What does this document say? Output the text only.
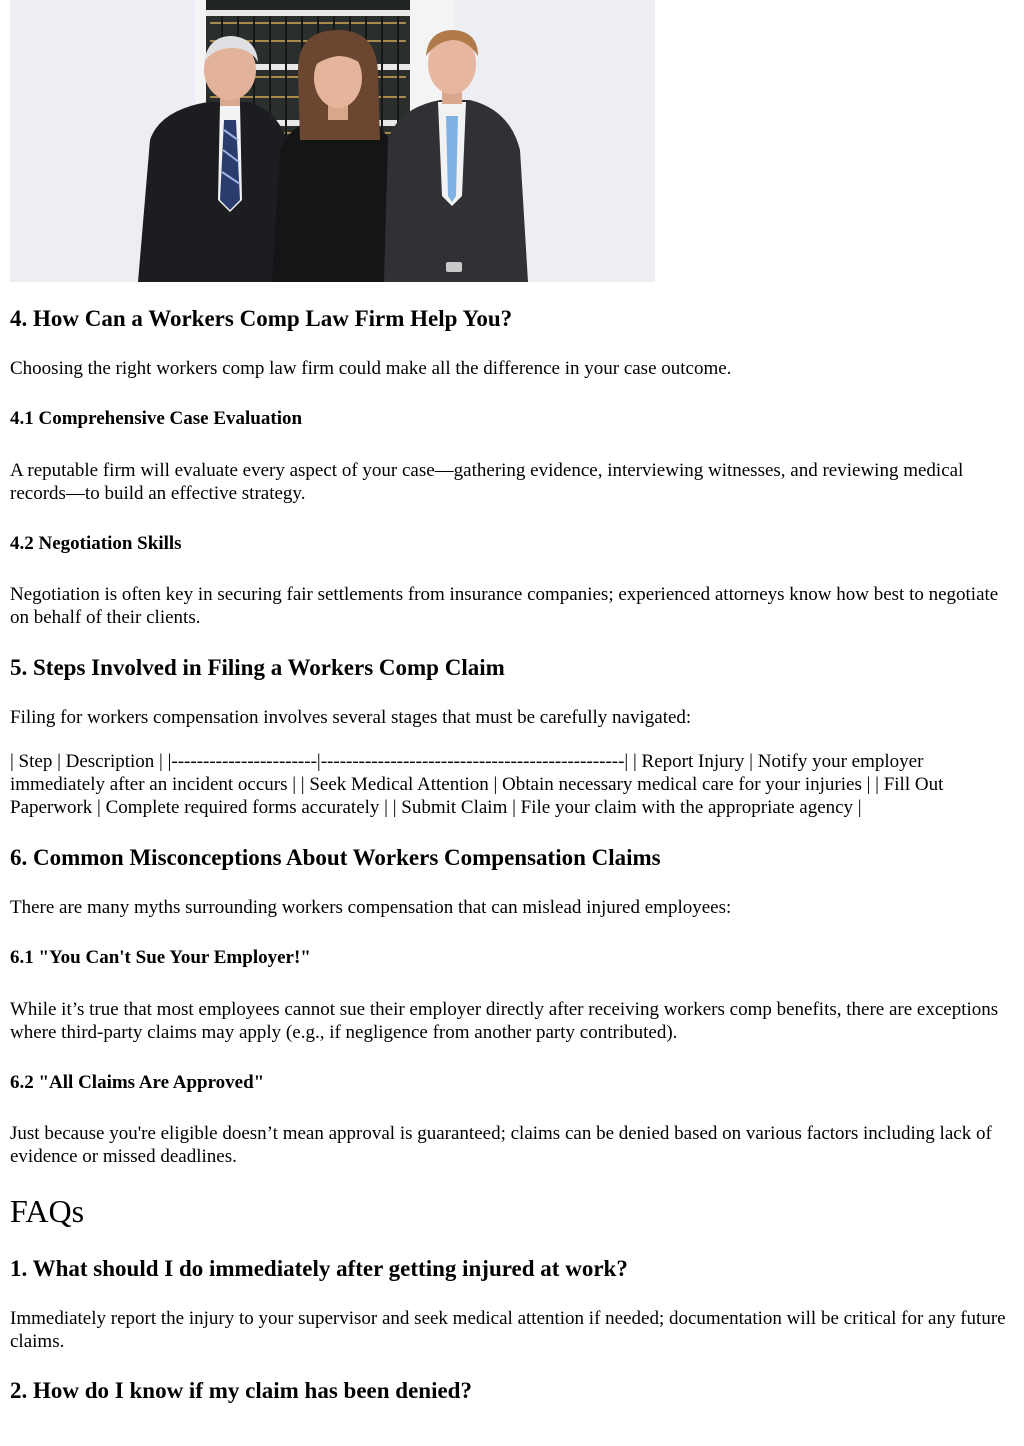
4. How Can a Workers Comp Law Firm Help You?

Choosing the right workers comp law firm could make all the difference in your case outcome.

4.1 Comprehensive Case Evaluation

A reputable firm will evaluate every aspect of your case—gathering evidence, interviewing witnesses, and reviewing medical records—to build an effective strategy.

4.2 Negotiation Skills

Negotiation is often key in securing fair settlements from insurance companies; experienced attorneys know how best to negotiate on behalf of their clients.

5. Steps Involved in Filing a Workers Comp Claim

Filing for workers compensation involves several stages that must be carefully navigated:

| Step | Description | |-----------------------|------------------------------------------------| | Report Injury | Notify your employer immediately after an incident occurs | | Seek Medical Attention | Obtain necessary medical care for your injuries | | Fill Out Paperwork | Complete required forms accurately | | Submit Claim | File your claim with the appropriate agency |

6. Common Misconceptions About Workers Compensation Claims

There are many myths surrounding workers compensation that can mislead injured employees:

6.1 "You Can't Sue Your Employer!"

While it’s true that most employees cannot sue their employer directly after receiving workers comp benefits, there are exceptions where third-party claims may apply (e.g., if negligence from another party contributed).

6.2 "All Claims Are Approved"

Just because you're eligible doesn’t mean approval is guaranteed; claims can be denied based on various factors including lack of evidence or missed deadlines.

FAQs
1. What should I do immediately after getting injured at work?

Immediately report the injury to your supervisor and seek medical attention if needed; documentation will be critical for any future claims.

2. How do I know if my claim has been denied?
